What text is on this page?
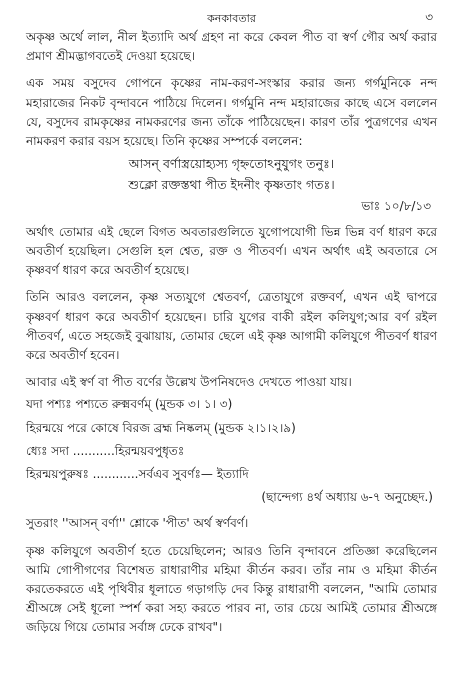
কনকাবতার	৩

অকৃষ্ণ অর্থে লাল, নীল ইত্যাদি অর্থ গ্রহণ না করে কেবল পীত বা স্বর্ণ গৌর অর্থ করার প্রমাণ শ্রীমদ্ভাগবতেই দেওয়া হয়েছে।

এক সময় বসুদেব গোপনে কৃষ্ণের নাম-করণ-সংস্কার করার জন্য গর্গমুনিকে নন্দ মহারাজের নিকট বৃন্দাবনে পাঠিয়ে দিলেন। গর্গমুনি নন্দ মহারাজের কাছে এসে বললেন যে, বসুদেব রামকৃষ্ণের নামকরণের জন্য তাঁকে পাঠিয়েছেন। কারণ তাঁর পুত্রগণের এখন নামকরণ করার বয়স হয়েছে। তিনি কৃষ্ণের সম্পর্কে বললেন:

আসন্‌ বর্ণাস্ত্রয়োহ্যস্য গৃহ্নতোঽনুযুগং তনুঃ।

শুক্লো রক্তস্তথা পীত ইদনীং কৃষ্ণতাং গতঃ।

ভাঃ ১০/৮/১৩

অর্থাৎ তোমার এই ছেলে বিগত অবতারগুলিতে যুগোপযোগী ভিন্ন ভিন্ন বর্ণ ধারণ করে অবতীর্ণ হয়েছিল। সেগুলি হল শ্বেত, রক্ত ও পীতবর্ণ। এখন অর্থাৎ এই অবতারে সে কৃষ্ণবর্ণ ধারণ করে অবতীর্ণ হয়েছে।

তিনি আরও বললেন, কৃষ্ণ সত্যযুগে শ্বেতবর্ণ, ত্রেতাযুগে রক্তবর্ণ, এখন এই দ্বাপরে কৃষ্ণবর্ণ ধারণ করে অবতীর্ণ হয়েছেন। চারি যুগের বাকী রইল কলিযুগ;আর বর্ণ রইল পীতবর্ণ, এতে সহজেই বুঝায়ায়, তোমার ছেলে এই কৃষ্ণ আগামী কলিযুগে পীতবর্ণ ধারণ করে অবতীর্ণ হবেন।

আবার এই স্বর্ণ বা পীত বর্ণের উল্লেখ উপনিষদেও দেখতে পাওয়া যায়।

যদা পশ্যঃ পশ্যতে রুক্মবর্ণম্‌ (মুন্ডক ৩। ১। ৩)

হিরন্ময়ে পরে কোষে বিরজ ব্রহ্ম নিষ্কলম্‌ (মুন্ডক ২।১।২।৯)

ধ্যেঃ সদা ...........হিরন্ময়বপুধৃতঃ

হিরন্ময়পুরুষঃ ............সর্বএব সুবর্ণঃ— ইত্যাদি

(ছান্দেগ্য ৪র্থ অধ্যায় ৬-৭ অনুচ্ছেদ.)

সুতরাং ''আসন্‌ বর্ণা'' শ্লোকে 'পীত' অর্থ স্বর্ণবর্ণ।

কৃষ্ণ কলিযুগে অবতীর্ণ হতে চেয়েছিলেন; আরও তিনি বৃন্দাবনে প্রতিজ্ঞা করেছিলেন আমি গোপীগণের বিশেষত রাধারাণীর মহিমা কীর্তন করব। তাঁর নাম ও মহিমা কীর্তন করতেকরতে এই পৃথিবীর ধূলাতে গড়াগড়ি দেব কিন্তু রাধারাণী বললেন, "আমি তোমার শ্রীঅঙ্গে সেই ধূলো স্পর্শ করা সহ্য করতে পারব না, তার চেয়ে আমিই তোমার শ্রীঅঙ্গে জড়িয়ে গিয়ে তোমার সর্বাঙ্গ ঢেকে রাখব"।
